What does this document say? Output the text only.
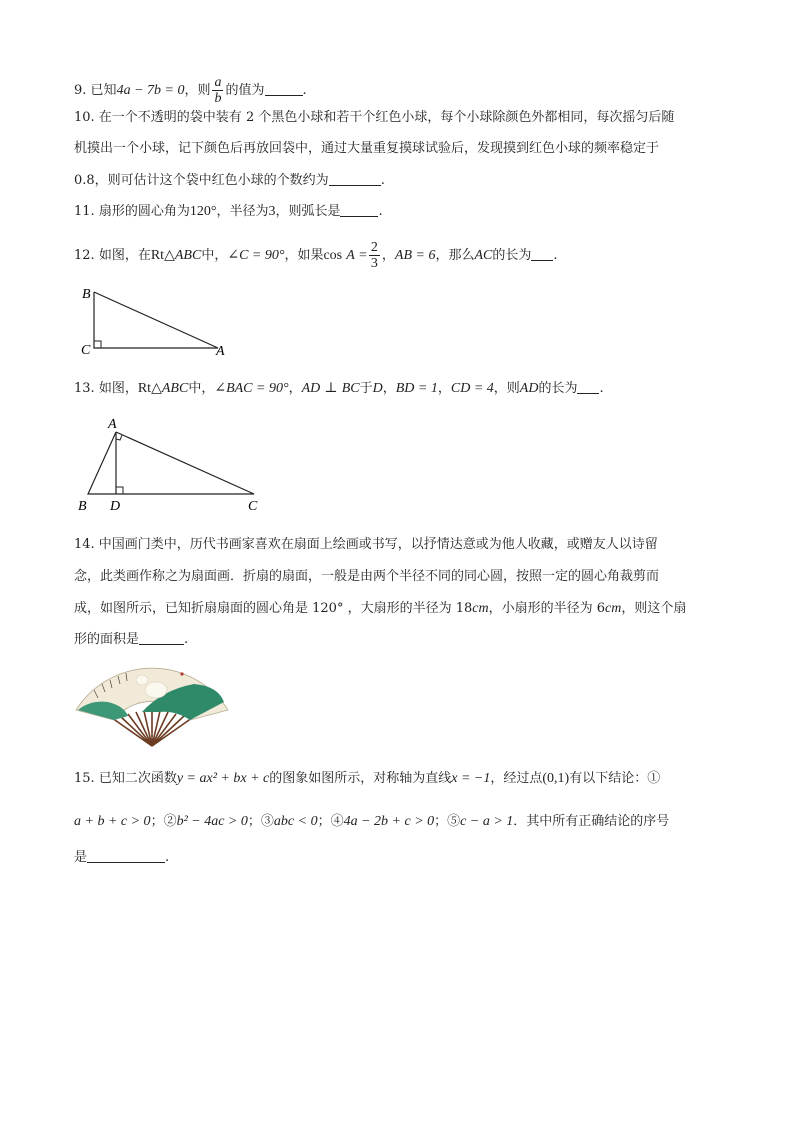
9. 已知4a − 7b = 0，则 $\frac{a}{b}$ 的值为	.
10. 在一个不透明的袋中装有 2 个黑色小球和若干个红色小球，每个小球除颜色外都相同，每次摇匀后随
机摸出一个小球，记下颜色后再放回袋中，通过大量重复摸球试验后，发现摸到红色小球的频率稳定于
0.8，则可估计这个袋中红色小球的个数约为	.
11. 扇形的圆心角为120°，半径为3，则弧长是	.
12. 如图，在Rt△ABC中，∠C = 90°，如果$\cos A = \frac{2}{3}$ ，AB = 6，那么AC的长为 .
B
C	A
13. 如图，Rt△ABC中，∠BAC = 90°，AD ⊥ BC于D，BD = 1，CD = 4，则AD的长为 .
A
B D	C
14. 中国画门类中，历代书画家喜欢在扇面上绘画或书写，以抒情达意或为他人收藏，或赠友人以诗留
念，此类画作称之为扇面画．折扇的扇面，一般是由两个半径不同的同心圆，按照一定的圆心角裁剪而
成，如图所示，已知折扇扇面的圆心角是 120° ，大扇形的半径为 18cm，小扇形的半径为 6cm，则这个扇
形的面积是	.
15. 已知二次函数y = ax² + bx + c的图象如图所示，对称轴为直线x = −1，经过点(0,1)有以下结论：①
a + b + c > 0；②b² − 4ac > 0；③abc < 0；④4a − 2b + c > 0；⑤c − a > 1．其中所有正确结论的序号
是	.
